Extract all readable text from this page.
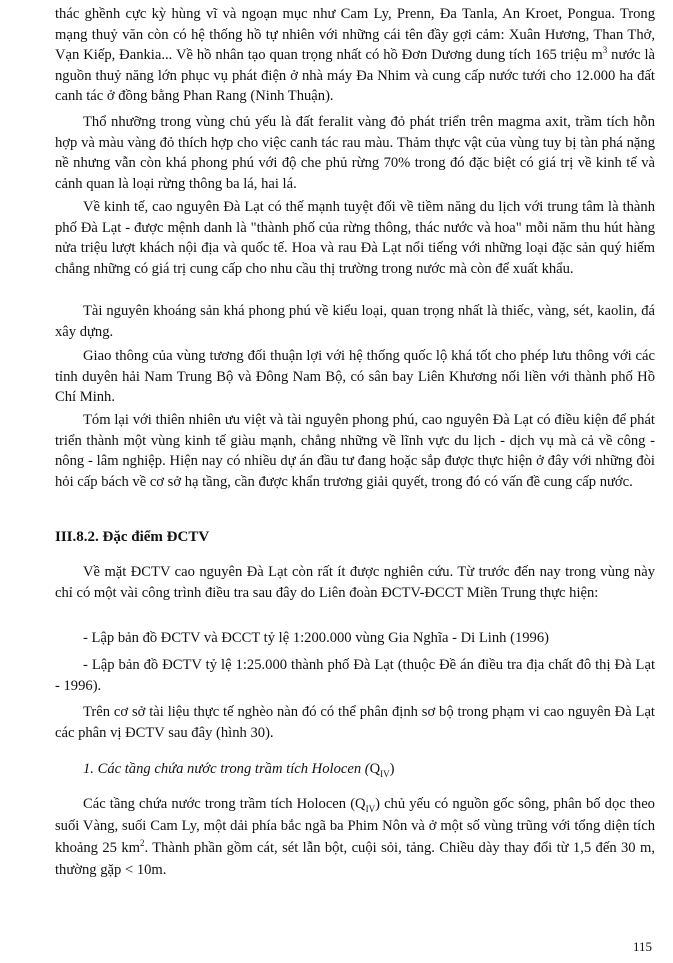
thác ghềnh cực kỳ hùng vĩ và ngoạn mục như Cam Ly, Prenn, Đa Tanla, An Kroet, Pongua. Trong mạng thuỷ văn còn có hệ thống hồ tự nhiên với những cái tên đầy gợi cảm: Xuân Hương, Than Thở, Vạn Kiếp, Đankia... Về hồ nhân tạo quan trọng nhất có hồ Đơn Dương dung tích 165 triệu $m^3$ nước là nguồn thuỷ năng lớn phục vụ phát điện ở nhà máy Đa Nhim và cung cấp nước tưới cho 12.000 ha đất canh tác ở đồng bằng Phan Rang (Ninh Thuận).

Thổ nhưỡng trong vùng chủ yếu là đất feralit vàng đỏ phát triển trên magma axit, trầm tích hỗn hợp và màu vàng đỏ thích hợp cho việc canh tác rau màu. Thảm thực vật của vùng tuy bị tàn phá nặng nề nhưng vẫn còn khá phong phú với độ che phủ rừng 70% trong đó đặc biệt có giá trị về kinh tế và cảnh quan là loại rừng thông ba lá, hai lá.

Về kinh tế, cao nguyên Đà Lạt có thế mạnh tuyệt đối về tiềm năng du lịch với trung tâm là thành phố Đà Lạt - được mệnh danh là "thành phố của rừng thông, thác nước và hoa" mỗi năm thu hút hàng nửa triệu lượt khách nội địa và quốc tế. Hoa và rau Đà Lạt nổi tiếng với những loại đặc sản quý hiếm chẳng những có giá trị cung cấp cho nhu cầu thị trường trong nước mà còn để xuất khẩu.

Tài nguyên khoáng sản khá phong phú về kiểu loại, quan trọng nhất là thiếc, vàng, sét, kaolin, đá xây dựng.

Giao thông của vùng tương đối thuận lợi với hệ thống quốc lộ khá tốt cho phép lưu thông với các tỉnh duyên hải Nam Trung Bộ và Đông Nam Bộ, có sân bay Liên Khương nối liền với thành phố Hồ Chí Minh.

Tóm lại với thiên nhiên ưu việt và tài nguyên phong phú, cao nguyên Đà Lạt có điều kiện để phát triển thành một vùng kinh tế giàu mạnh, chẳng những về lĩnh vực du lịch - dịch vụ mà cả về công - nông - lâm nghiệp. Hiện nay có nhiều dự án đầu tư đang hoặc sắp được thực hiện ở đây với những đòi hỏi cấp bách về cơ sở hạ tầng, cần được khẩn trương giải quyết, trong đó có vấn đề cung cấp nước.

III.8.2. Đặc điểm ĐCTV

Về mặt ĐCTV cao nguyên Đà Lạt còn rất ít được nghiên cứu. Từ trước đến nay trong vùng này chỉ có một vài công trình điều tra sau đây do Liên đoàn ĐCTV-ĐCCT Miền Trung thực hiện:

- Lập bản đồ ĐCTV và ĐCCT tỷ lệ 1:200.000 vùng Gia Nghĩa - Di Linh (1996)

- Lập bản đồ ĐCTV tỷ lệ 1:25.000 thành phố Đà Lạt (thuộc Đề án điều tra địa chất đô thị Đà Lạt - 1996).

Trên cơ sở tài liệu thực tế nghèo nàn đó có thể phân định sơ bộ trong phạm vi cao nguyên Đà Lạt các phân vị ĐCTV sau đây (hình 30).

1. Các tầng chứa nước trong trầm tích Holocen $(Q_{IV})$

Các tầng chứa nước trong trầm tích Holocen $(Q_{IV})$ chủ yếu có nguồn gốc sông, phân bố dọc theo suối Vàng, suối Cam Ly, một dải phía bắc ngã ba Phim Nôn và ở một số vùng trũng với tổng diện tích khoảng 25 $km^2$. Thành phần gồm cát, sét lẫn bột, cuội sỏi, tảng. Chiều dày thay đổi từ 1,5 đến 30 m, thường gặp < 10m.

115
